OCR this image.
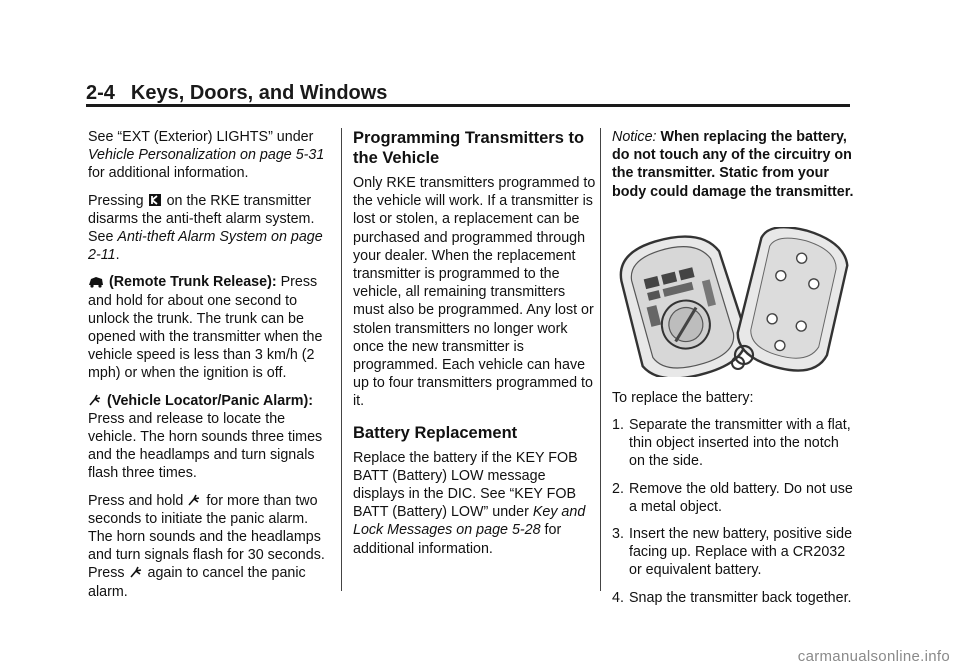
2-4 Keys, Doors, and Windows

See “EXT (Exterior) LIGHTS” under
Vehicle Personalization on page 5-31 for additional information.

Pressing  on the RKE transmitter disarms the anti-theft alarm system. See Anti-theft Alarm System on page 2-11.

(Remote Trunk Release): Press and hold for about one second to unlock the trunk. The trunk can be opened with the transmitter when the vehicle speed is less than 3 km/h (2 mph) or when the ignition is off.

(Vehicle Locator/Panic Alarm): Press and release to locate the vehicle. The horn sounds three times and the headlamps and turn signals flash three times.

Press and hold  for more than two seconds to initiate the panic alarm. The horn sounds and the headlamps and turn signals flash for 30 seconds. Press  again to cancel the panic alarm.

Programming Transmitters to the Vehicle

Only RKE transmitters programmed to the vehicle will work. If a transmitter is lost or stolen, a replacement can be purchased and programmed through your dealer. When the replacement transmitter is programmed to the vehicle, all remaining transmitters must also be programmed. Any lost or stolen transmitters no longer work once the new transmitter is programmed. Each vehicle can have up to four transmitters programmed to it.

Battery Replacement

Replace the battery if the KEY FOB BATT (Battery) LOW message displays in the DIC. See “KEY FOB BATT (Battery) LOW” under Key and Lock Messages on page 5-28 for additional information.

Notice: When replacing the battery, do not touch any of the circuitry on the transmitter. Static from your body could damage the transmitter.

To replace the battery:

1. Separate the transmitter with a flat, thin object inserted into the notch on the side.
2. Remove the old battery. Do not use a metal object.
3. Insert the new battery, positive side facing up. Replace with a CR2032 or equivalent battery.
4. Snap the transmitter back together.
carmanualsonline.info
